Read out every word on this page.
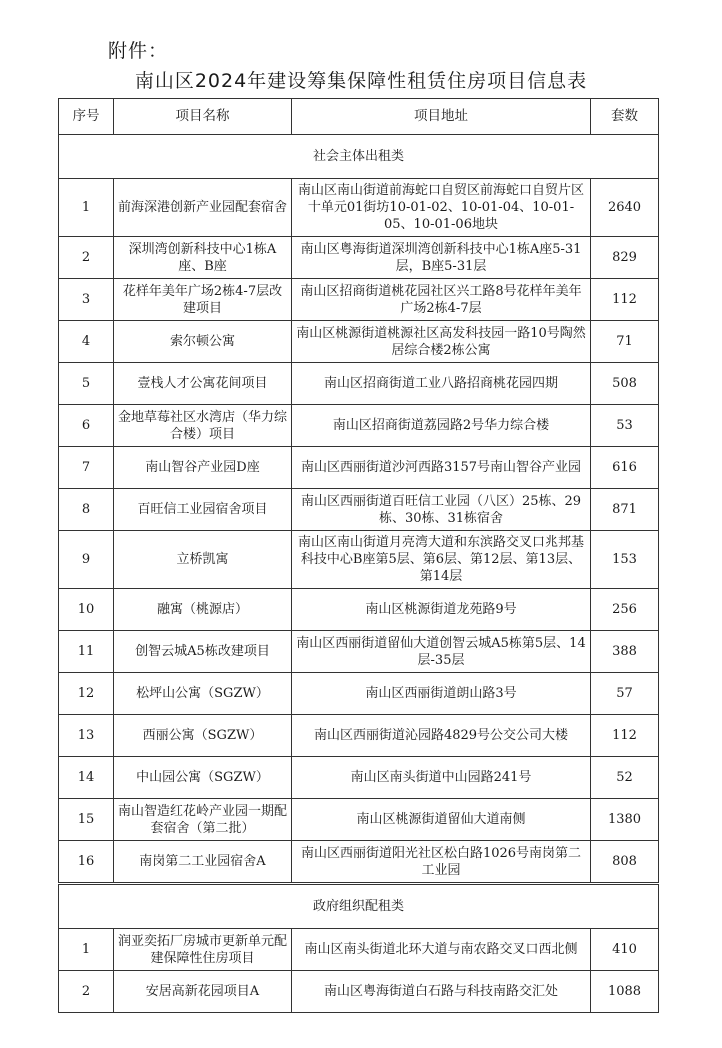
附件：
南山区2024年建设筹集保障性租赁住房项目信息表
序号	项目名称	项目地址	套数
社会主体出租类			
1	前海深港创新产业园配套宿舍	南山区南山街道前海蛇口自贸区前海蛇口自贸片区十单元01街坊10-01-02、10-01-04、10-01-05、10-01-06地块	2640
2	深圳湾创新科技中心1栋A座、B座	南山区粤海街道深圳湾创新科技中心1栋A座5-31层，B座5-31层	829
3	花样年美年广场2栋4-7层改建项目	南山区招商街道桃花园社区兴工路8号花样年美年广场2栋4-7层	112
4	索尔顿公寓	南山区桃源街道桃源社区高发科技园一路10号陶然居综合楼2栋公寓	71
5	壹栈人才公寓花间项目	南山区招商街道工业八路招商桃花园四期	508
6	金地草莓社区水湾店（华力综合楼）项目	南山区招商街道荔园路2号华力综合楼	53
7	南山智谷产业园D座	南山区西丽街道沙河西路3157号南山智谷产业园	616
8	百旺信工业园宿舍项目	南山区西丽街道百旺信工业园（八区）25栋、29栋、30栋、31栋宿舍	871
9	立桥凯寓	南山区南山街道月亮湾大道和东滨路交叉口兆邦基科技中心B座第5层、第6层、第12层、第13层、第14层	153
10	融寓（桃源店）	南山区桃源街道龙苑路9号	256
11	创智云城A5栋改建项目	南山区西丽街道留仙大道创智云城A5栋第5层、14层-35层	388
12	松坪山公寓（SGZW）	南山区西丽街道朗山路3号	57
13	西丽公寓（SGZW）	南山区西丽街道沁园路4829号公交公司大楼	112
14	中山园公寓（SGZW）	南山区南头街道中山园路241号	52
15	南山智造红花岭产业园一期配套宿舍（第二批）	南山区桃源街道留仙大道南侧	1380
16	南岗第二工业园宿舍A	南山区西丽街道阳光社区松白路1026号南岗第二工业园	808
政府组织配租类			
1	润亚奕拓厂房城市更新单元配建保障性住房项目	南山区南头街道北环大道与南农路交叉口西北侧	410
2	安居高新花园项目A	南山区粤海街道白石路与科技南路交汇处	1088
